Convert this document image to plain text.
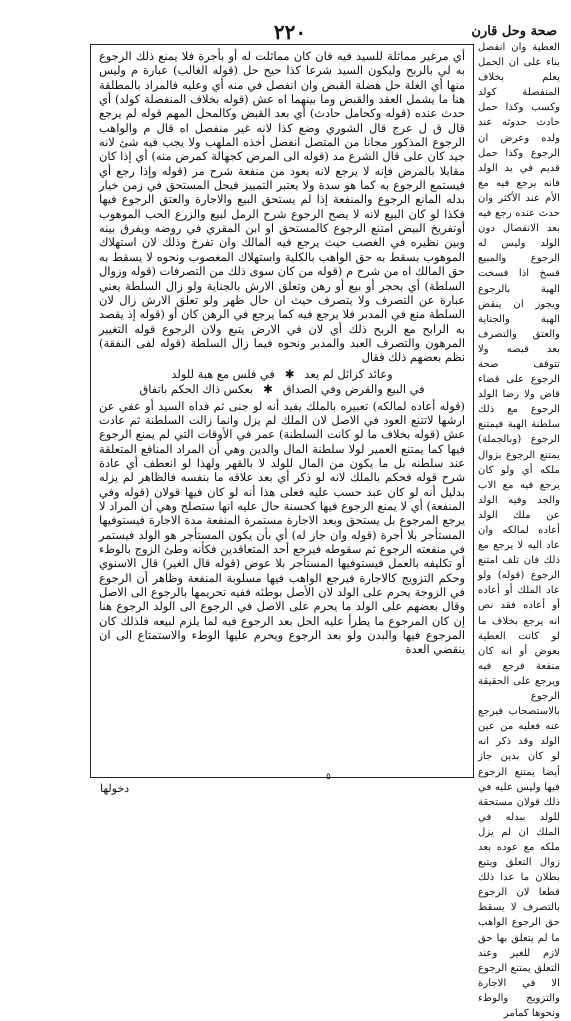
صحة وحل قارن
٢٢٠
أي مرغير مماثلة للسيد فيه فان كان مماثلت له أو بأجرة فلا يمنع ذلك الرجوع به لي بالربح وليكون السيد شرعا كذا حيح حل (قوله الغالب) عبارة م وليس منها أي الغلة حل هضلة القبض وان انفصل في منه أي وعليه فالمراد بالمطلقة هنا ما يشمل العقد والقبض وما بينهما اه عش (قوله بخلاف المنفصلة كولد) أي حدث عنده (قوله وكحامل حادث) أي بعد القبض وكالمحل المهم قوله لم يرجع قال ق ل عرج قال الشوري وضع كذا لانه غير منفصل اه قال م والواهب الرجوع المذكور مجانا من المتصل انفصل أخذه الملهب ولا يجب فيه شئ لانه جيد كان على قال الشرع مد (قوله الى المرض كجهالة كمرض منه) أي إذا كان مقابلا بالمرض فإنه لا يرجع لانه يعود من منفعة شرح مر (قوله وإذا رجع أي فيستمع الرجوع به كما هو سدة ولا يعتبر التمييز فيحل المستحق في زمن خيار بدله المانع الرجوع والمنفعة إذا لم يستحق البيع والاجارة والعتق الرجوع فيها فكذا لو كان البيع لانه لا يصح الرجوع شرح الرمل لبيع والزرع الحب الموهوب أوتفريخ البيض امتنع الرجوع كالمستحق او ابن المقري في روضه ويفرق بينه وبين نظيره في الغصب حيث يرجع فيه المالك وان تفرخ وذلك لان استهلاك الموهوب بسقط به حق الواهب بالكلية واستهلاك المغصوب ونحوه لا يسقط به حق المالك اه من شرح م (قوله من كان سوى ذلك من التصرفات (قوله وزوال السلطة) أي بحجر أو بيع أو رهن وتعلق الارش بالجناية ولو زال السلطة يعني عبارة عن التصرف ولا يتصرف حيث ان حال ظهر ولو تعلق الارش زال لان السلطة منع في المدبر فلا يرجع فيه كما يرجع في الرهن كان أو (قوله إذ يقصد به الرابح مع الربح ذلك أي لان في الارض يتبع ولان الرجوع قوله التغيير المرهون والتصرف العبد والمدبر ونحوه فيما زال السلطة (قوله لفى النفقة) نظم بعضهم ذلك فقال
وعائد كزائل لم يعد✱في فلس مع هبة للولد
في البيع والقرض وفي الصداق✱بعكس ذاك الحكم باتفاق
(قوله أعاده لمالكه) تعبيره بالملك يفيد أنه لو جنى ثم فداه السيد أو عفي عن ارشها لاتتنع العود في الاصل لان الملك لم يزل وانما زالت السلطنة ثم عادت عش (قوله بخلاف ما لو كانت السلطنة) عمر في الأوقات التي لم يمنع الرجوع فيها كما يمتنع العمير لولا سلطنة المال والدين وهي أن المراد المنافع المتعلقة عند سلطنه بل ما يكون من المال للولد لا بالقهر ولهذا لو انعطف أي عادة شرح قوله فحكم بالملك لانه لو ذكر أي بعد علاقه ما بنفسه فالظاهر لم يزله بدليل أنه لو كان عبد حسب عليه فعلى هذا أنه لو كان فيها قولان (قوله وفي المنفعة) أي لا يمنع الرجوع فيها كحسنة حال عليه انها ستصلح وهي أن المراد لا يرجع المرجوع بل يستحق وبعد الاجارة مستمرة المنفعة مدة الاجارة فيستوفيها المستأجر بلا أجرة (قوله وان جاز له) أي بأن يكون المستأجر هو الولد فيستمر في منفعته الرجوع ثم سقوطه فيرجع أحد المتعاقدين فكأنه وطئ الزوج بالوطء أو تكليفه بالعمل فيستوفيها المستأجر بلا عوض (قوله قال الغير) قال الاسنوي وحكم التزويج كالاجارة فيرجع الواهب فيها مسلوبة المنفعة وظاهر أن الرجوع في الزوجة يحرم على الولد لان الأصل بوطئه ففيه تحريمها بالرجوع الى الاصل وقال بعضهم على الولد ما يحرم على الاصل في الرجوع الى الولد الرجوع هنا إن كان المرجوع ما يطرأ عليه الحل بعد الرجوع فيه لما يلزم لبيعه فلذلك كان المرجوع فيها والبدن ولو بعد الرجوع ويحرم عليها الوطء والاستمتاع الى ان ينقضي العدة
العطية وان انفصل بناء على ان الحمل يعلم بخلاف المنفصلة كولد وكسب وكذا حمل حادث حدوثه عند ولده وعرض ان الرجوع وكذا حمل قديم في يد الولد فانه يرجع فيه مع الأم عند الأكثر وان حدث عنده رجع فيه بعد الانفصال دون الولد وليس له الرجوع والمبيع فسخ اذا فسخت الهبة بالرجوع ويجوز ان ينقض الهبة والجناية والعتق والتصرف بعد قبضه ولا تتوقف صحة الرجوع على قضاء قاض ولا رضا الولد الرجوع مع ذلك سلطنة الهبة فيمتنع الرجوع (وبالجملة) يمتنع الرجوع بزوال ملكه أي ولو كان يرجع فيه مع الاب والجد وفيه الولد عن ملك الولد أعاده لمالكه وان عاد اليه لا يرجع مع ذلك فان تلف امتنع الرجوع (قوله) ولو عاد الملك أو أعاده أو أعاده فقد نص انه يرجع بخلاف ما لو كانت العطية بعوض أو انه كان منفعة فرجع فيه ويرجع على الحقيقة الرجوع بالاستصحاب فيرجع عنه فعليه من عين الولد وقد ذكر انه لو كان بدين جاز أيضا يمتنع الرجوع فيها وليس عليه في ذلك قولان مستحقة للولد ببدله في الملك ان لم يزل ملكه مع عوده بعد زوال التعلق ويتبع بطلان ما عدا ذلك قطعا لان الرجوع بالتصرف لا يسقط حق الرجوع الواهب ما لم يتعلق بها حق لازم للغير وعند التعلق يمتنع الرجوع الا في الاجارة والتزويج والوطء ونحوها كمامر
٥
دخولها
